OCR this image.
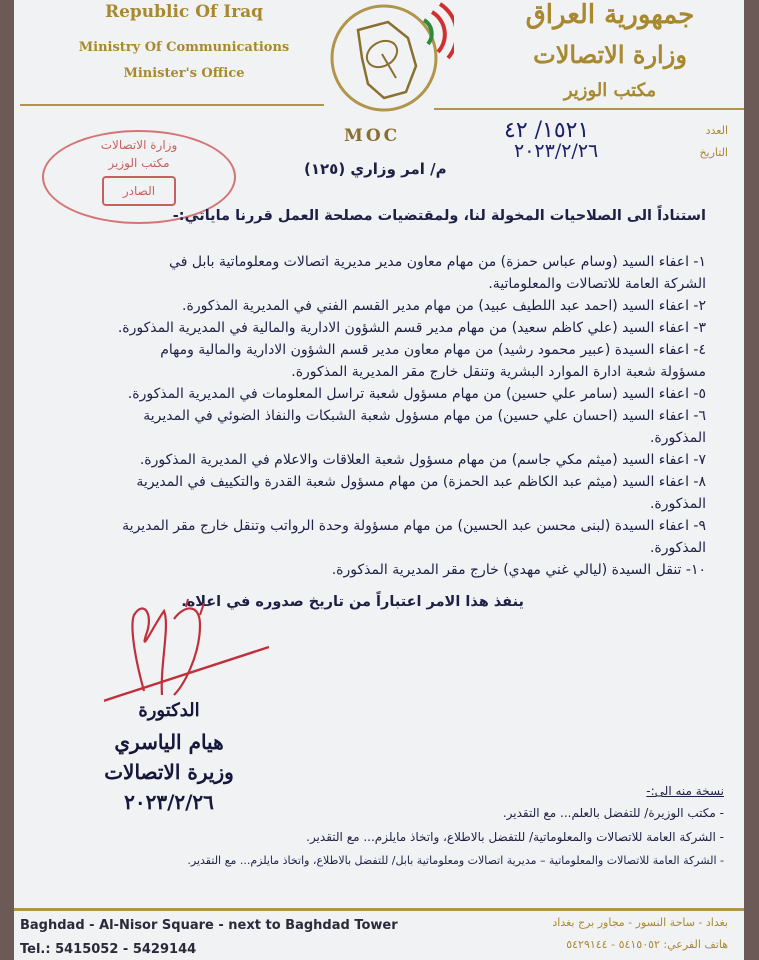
Republic Of Iraq
Ministry Of Communications
Minister's Office
جمهورية العراق
وزارة الاتصالات
مكتب الوزير
MOC	العدد
١٥٢١/ ٤٢
التاريخ
٢٠٢٣/٢/٢٦
وزارة الاتصالات
مكتب الوزير
الصادر
م/ امر وزاري (١٢٥)
استناداً الى الصلاحيات المخولة لنا، ولمقتضيات مصلحة العمل قررنا ماياتي:-
١- اعفاء السيد (وسام عباس حمزة) من مهام معاون مدير مديرية اتصالات ومعلوماتية بابل في
الشركة العامة للاتصالات والمعلوماتية.
٢- اعفاء السيد (احمد عبد اللطيف عبيد) من مهام مدير القسم الفني في المديرية المذكورة.
٣- اعفاء السيد (علي كاظم سعيد) من مهام مدير قسم الشؤون الادارية والمالية في المديرية المذكورة.
٤- اعفاء السيدة (عبير محمود رشيد) من مهام معاون مدير قسم الشؤون الادارية والمالية ومهام
مسؤولة شعبة ادارة الموارد البشرية وتنقل خارج مقر المديرية المذكورة.
٥- اعفاء السيد (سامر علي حسين) من مهام مسؤول شعبة تراسل المعلومات في المديرية المذكورة.
٦- اعفاء السيد (احسان علي حسين) من مهام مسؤول شعبة الشبكات والنفاذ الضوئي في المديرية
المذكورة.
٧- اعفاء السيد (ميثم مكي جاسم) من مهام مسؤول شعبة العلاقات والاعلام في المديرية المذكورة.
٨- اعفاء السيد (ميثم عبد الكاظم عبد الحمزة) من مهام مسؤول شعبة القدرة والتكييف في المديرية
المذكورة.
٩- اعفاء السيدة (لبنى محسن عبد الحسين) من مهام مسؤولة وحدة الرواتب وتنقل خارج مقر المديرية
المذكورة.
١٠- تنقل السيدة (ليالي غني مهدي) خارج مقر المديرية المذكورة.
ينفذ هذا الامر اعتباراً من تاريخ صدوره في اعلاه.
الدكتورة
هيام الياسري
وزيرة الاتصالات
٢٠٢٣/٢/٢٦	نسخة منه الى:-
- مكتب الوزيرة/ للتفضل بالعلم... مع التقدير.
- الشركة العامة للاتصالات والمعلوماتية/ للتفضل بالاطلاع، واتخاذ مايلزم... مع التقدير.
- الشركة العامة للاتصالات والمعلوماتية – مديرية اتصالات ومعلوماتية بابل/ للتفضل بالاطلاع، واتخاذ مايلزم... مع التقدير.
Baghdad - Al-Nisor Square - next to Baghdad Tower
Tel.: 5415052 - 5429144
بغداد - ساحة النسور - مجاور برج بغداد
هاتف الفرعي: ٥٤١٥٠٥٢ - ٥٤٢٩١٤٤
